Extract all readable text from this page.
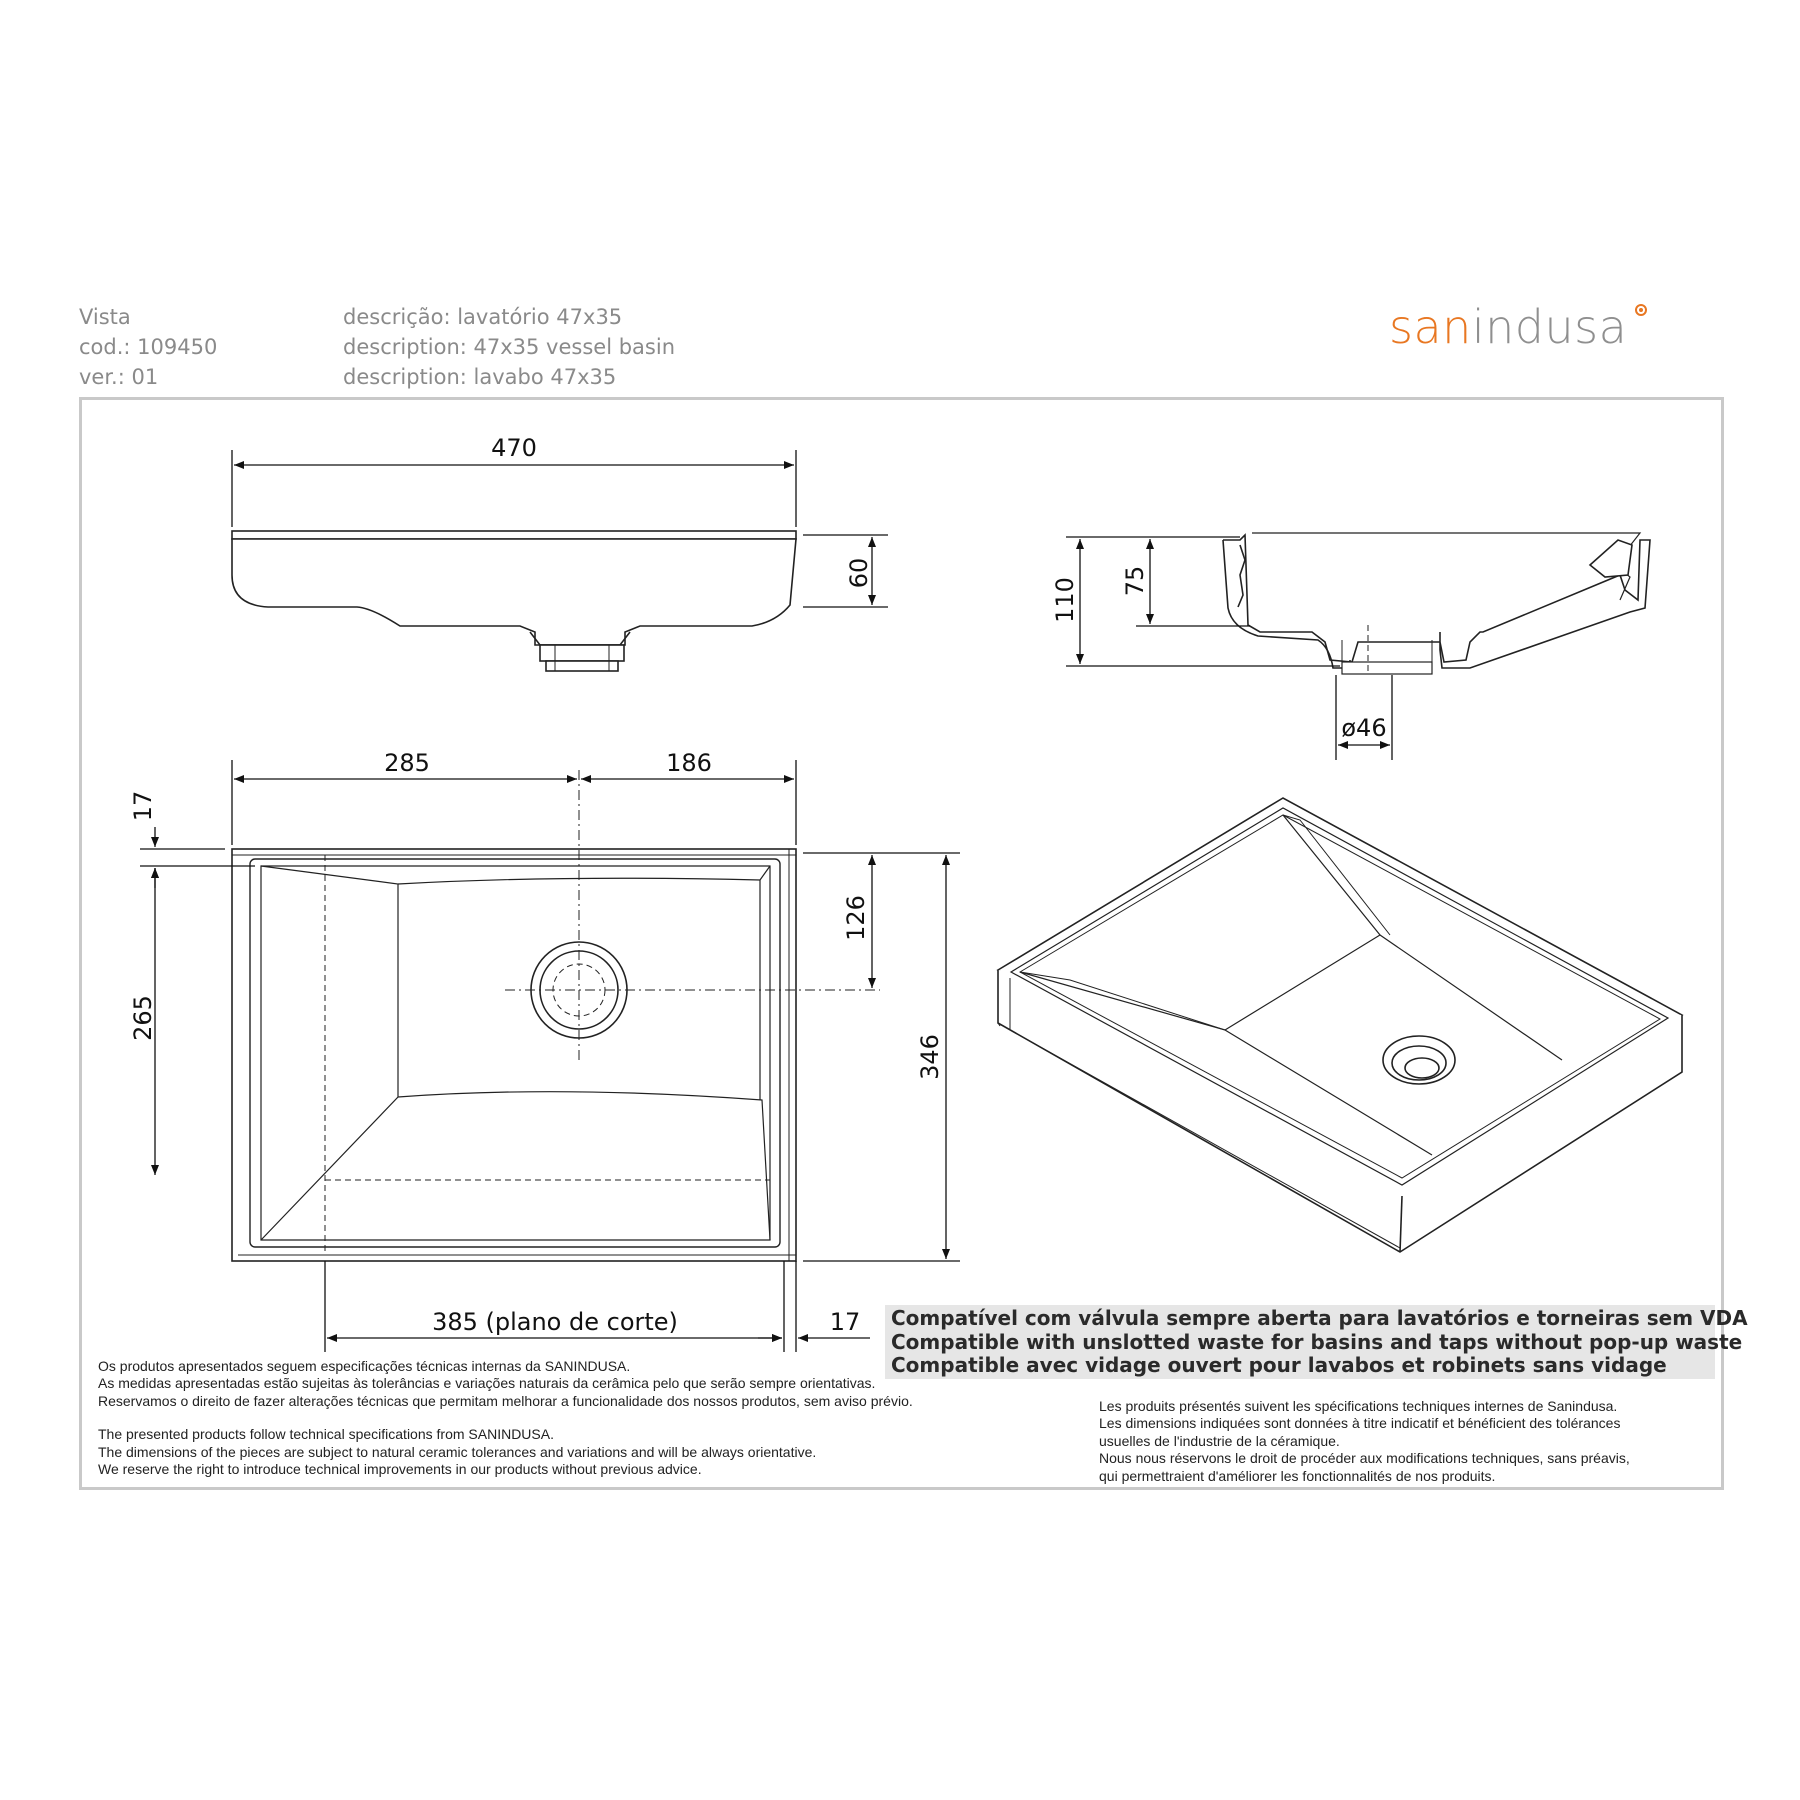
Vista
cod.: 109450
ver.: 01
descrição: lavatório 47x35
description: 47x35 vessel basin
description: lavabo 47x35
sanindusa
470
60
110 75
ø46
285	186
17
265
126
346
385 (plano de corte)	17 Compatível com válvula sempre aberta para lavatórios e torneiras sem VDA
Compatible with unslotted waste for basins and taps without pop-up waste
Compatible avec vidage ouvert pour lavabos et robinets sans vidage
Os produtos apresentados seguem especificações técnicas internas da SANINDUSA.
As medidas apresentadas estão sujeitas às tolerâncias e variações naturais da cerâmica pelo que serão sempre orientativas.
Reservamos o direito de fazer alterações técnicas que permitam melhorar a funcionalidade dos nossos produtos, sem aviso prévio.
The presented products follow technical specifications from SANINDUSA.
The dimensions of the pieces are subject to natural ceramic tolerances and variations and will be always orientative.
We reserve the right to introduce technical improvements in our products without previous advice.
Les produits présentés suivent les spécifications techniques internes de Sanindusa.
Les dimensions indiquées sont données à titre indicatif et bénéficient des tolérances
usuelles de l'industrie de la céramique.
Nous nous réservons le droit de procéder aux modifications techniques, sans préavis,
qui permettraient d'améliorer les fonctionnalités de nos produits.
